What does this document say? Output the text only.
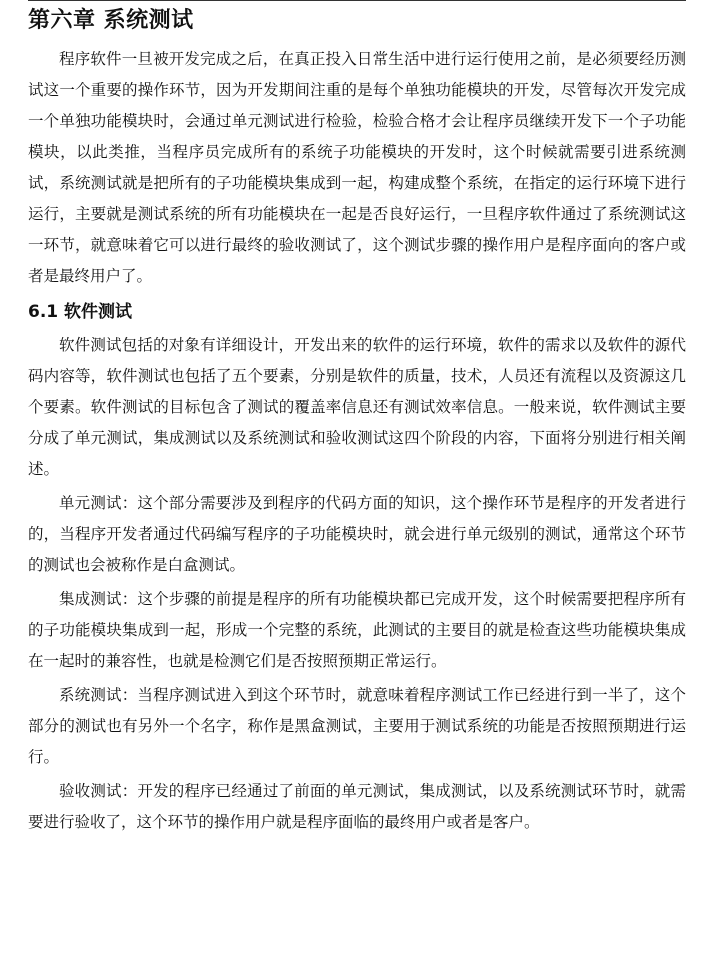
第六章 系统测试

程序软件一旦被开发完成之后，在真正投入日常生活中进行运行使用之前，是必须要经历测试这一个重要的操作环节，因为开发期间注重的是每个单独功能模块的开发，尽管每次开发完成一个单独功能模块时，会通过单元测试进行检验，检验合格才会让程序员继续开发下一个子功能模块，以此类推，当程序员完成所有的系统子功能模块的开发时，这个时候就需要引进系统测试，系统测试就是把所有的子功能模块集成到一起，构建成整个系统，在指定的运行环境下进行运行，主要就是测试系统的所有功能模块在一起是否良好运行，一旦程序软件通过了系统测试这一环节，就意味着它可以进行最终的验收测试了，这个测试步骤的操作用户是程序面向的客户或者是最终用户了。

6.1 软件测试

软件测试包括的对象有详细设计，开发出来的软件的运行环境，软件的需求以及软件的源代码内容等，软件测试也包括了五个要素，分别是软件的质量，技术，人员还有流程以及资源这几个要素。软件测试的目标包含了测试的覆盖率信息还有测试效率信息。一般来说，软件测试主要分成了单元测试，集成测试以及系统测试和验收测试这四个阶段的内容，下面将分别进行相关阐述。

单元测试：这个部分需要涉及到程序的代码方面的知识，这个操作环节是程序的开发者进行的，当程序开发者通过代码编写程序的子功能模块时，就会进行单元级别的测试，通常这个环节的测试也会被称作是白盒测试。

集成测试：这个步骤的前提是程序的所有功能模块都已完成开发，这个时候需要把程序所有的子功能模块集成到一起，形成一个完整的系统，此测试的主要目的就是检查这些功能模块集成在一起时的兼容性，也就是检测它们是否按照预期正常运行。

系统测试：当程序测试进入到这个环节时，就意味着程序测试工作已经进行到一半了，这个部分的测试也有另外一个名字，称作是黑盒测试，主要用于测试系统的功能是否按照预期进行运行。

验收测试：开发的程序已经通过了前面的单元测试，集成测试，以及系统测试环节时，就需要进行验收了，这个环节的操作用户就是程序面临的最终用户或者是客户。
